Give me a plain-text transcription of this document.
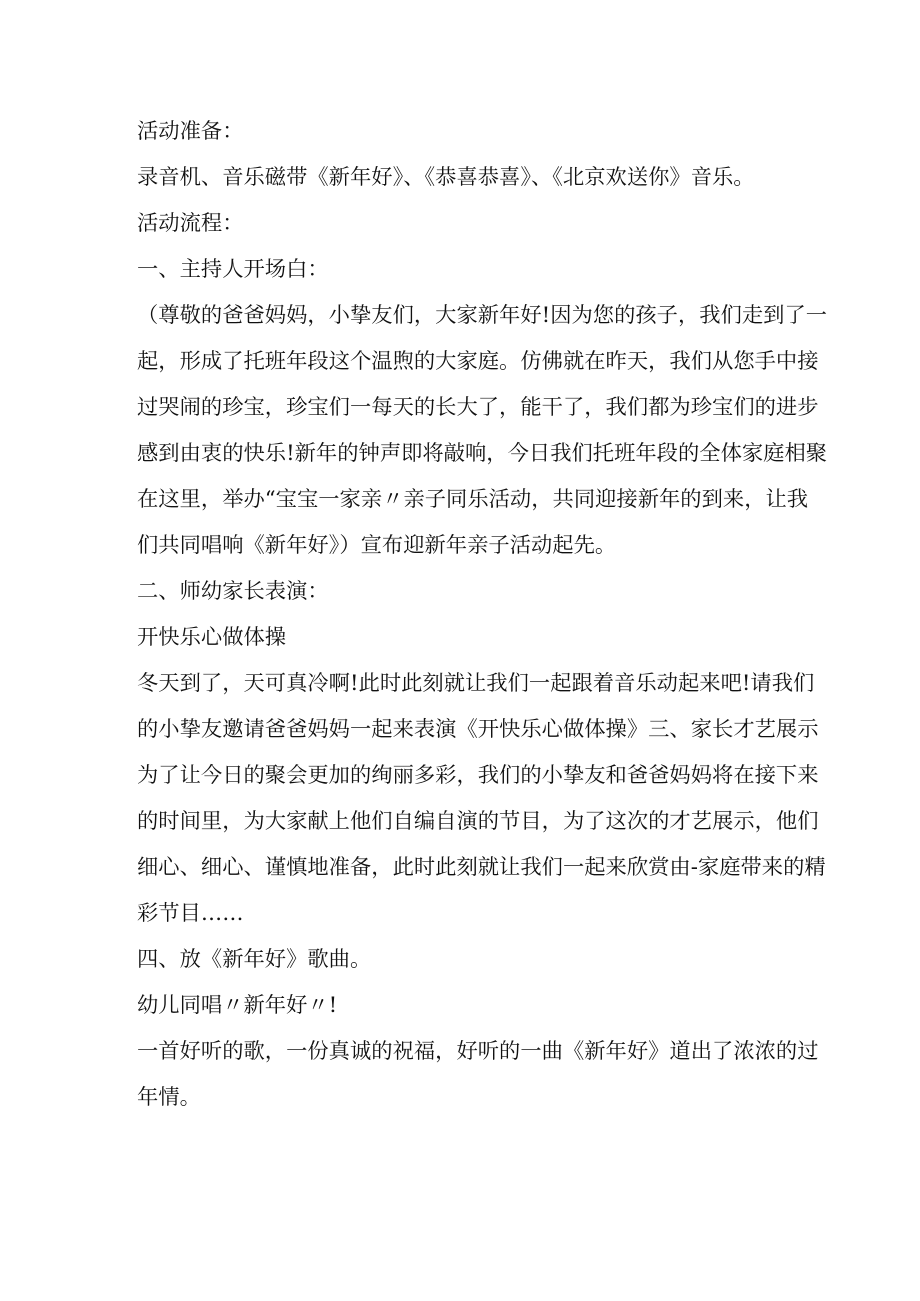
活动准备：
录音机、音乐磁带《新年好》、《恭喜恭喜》、《北京欢送你》音乐。
活动流程：
一、主持人开场白：
（尊敬的爸爸妈妈，小挚友们，大家新年好!因为您的孩子，我们走到了一
起，形成了托班年段这个温煦的大家庭。仿佛就在昨天，我们从您手中接
过哭闹的珍宝，珍宝们一每天的长大了，能干了，我们都为珍宝们的进步
感到由衷的快乐!新年的钟声即将敲响，今日我们托班年段的全体家庭相聚
在这里，举办“宝宝一家亲〃亲子同乐活动，共同迎接新年的到来，让我
们共同唱响《新年好》）宣布迎新年亲子活动起先。
二、师幼家长表演：
开快乐心做体操
冬天到了，天可真冷啊!此时此刻就让我们一起跟着音乐动起来吧!请我们
的小挚友邀请爸爸妈妈一起来表演《开快乐心做体操》三、家长才艺展示
为了让今日的聚会更加的绚丽多彩，我们的小挚友和爸爸妈妈将在接下来
的时间里，为大家献上他们自编自演的节目，为了这次的才艺展示，他们
细心、细心、谨慎地准备，此时此刻就让我们一起来欣赏由-家庭带来的精
彩节目……
四、放《新年好》歌曲。
幼儿同唱〃新年好〃!
一首好听的歌，一份真诚的祝福，好听的一曲《新年好》道出了浓浓的过
年情。
